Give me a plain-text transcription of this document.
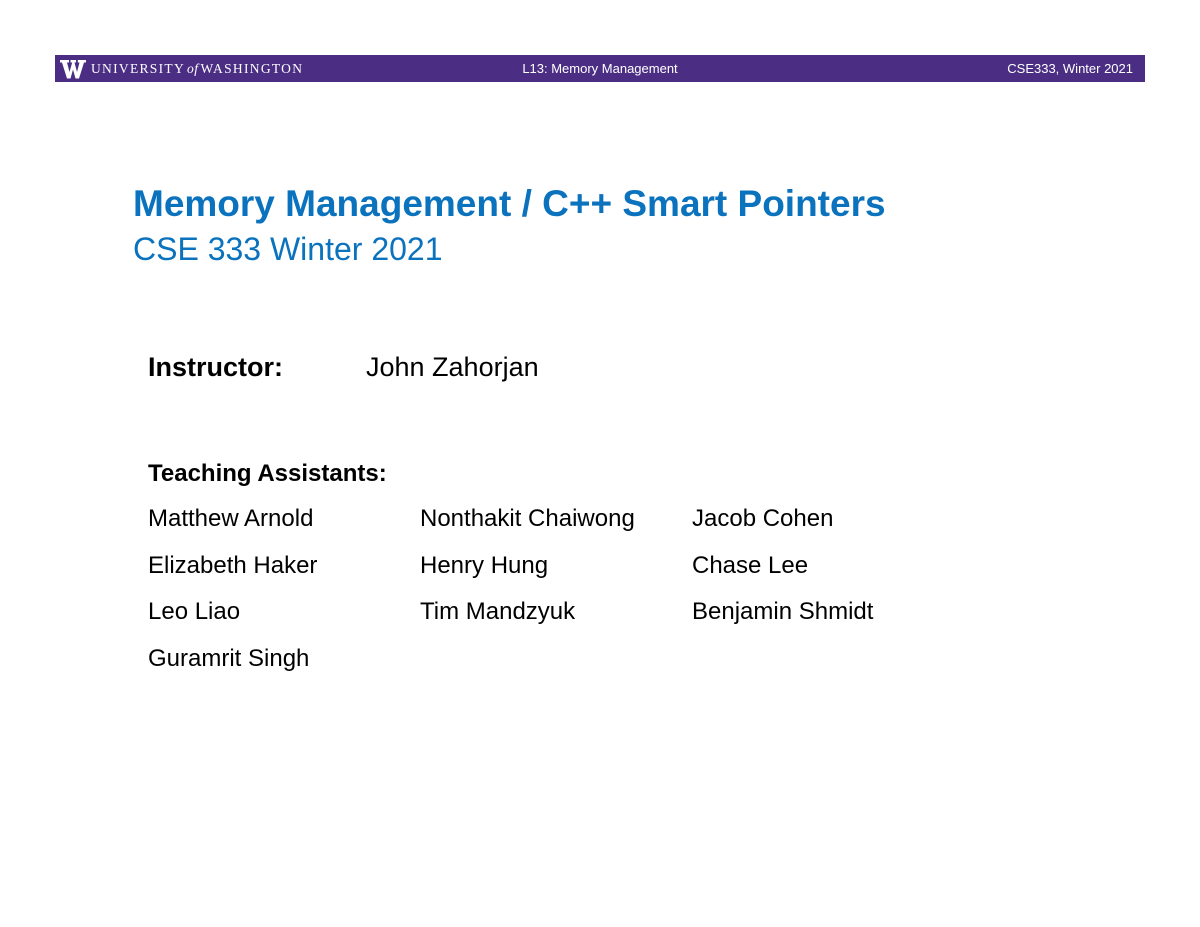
UNIVERSITY of WASHINGTON	L13: Memory Management	CSE333, Winter 2021
Memory Management / C++ Smart Pointers
CSE 333 Winter 2021
Instructor:	John Zahorjan
Teaching Assistants:
Matthew Arnold	Nonthakit Chaiwong	Jacob Cohen
Elizabeth Haker	Henry Hung	Chase Lee
Leo Liao	Tim Mandzyuk	Benjamin Shmidt
Guramrit Singh
